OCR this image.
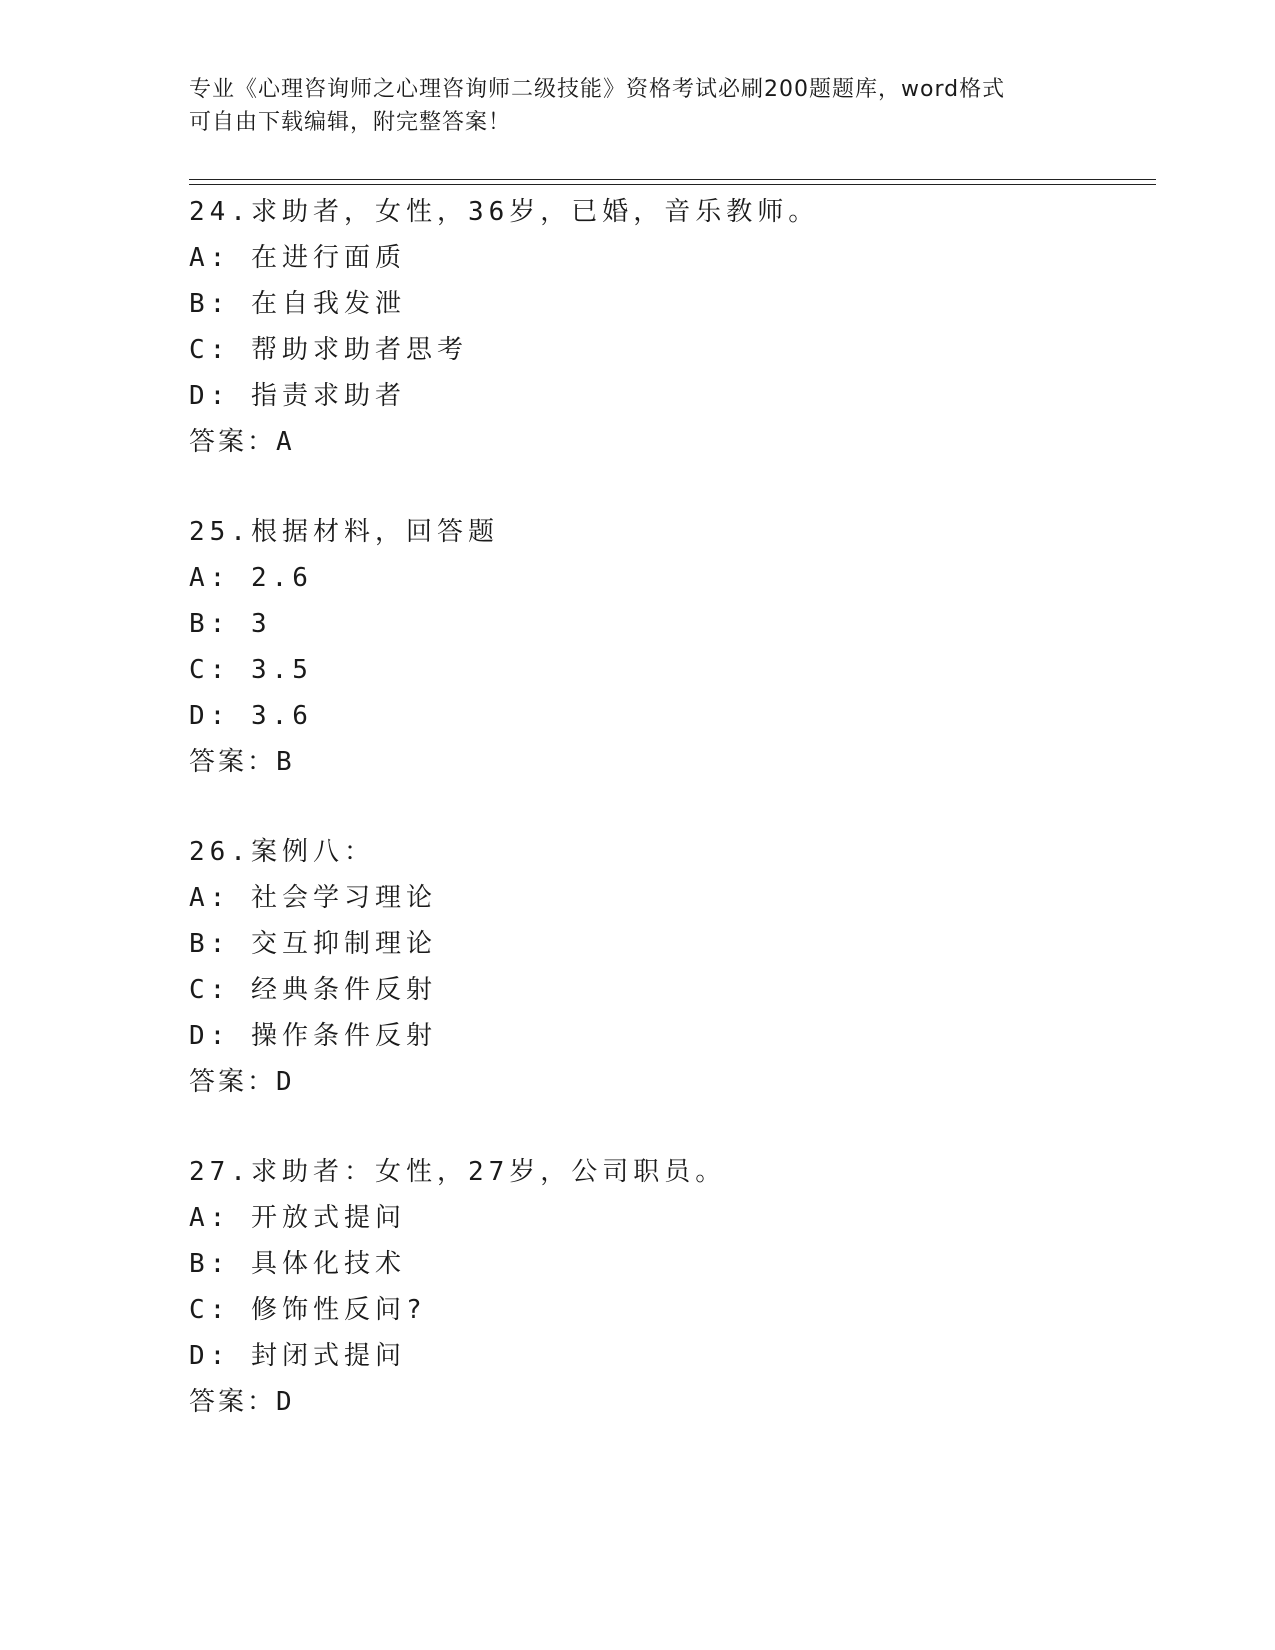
专业《心理咨询师之心理咨询师二级技能》资格考试必刷200题题库，word格式
可自由下载编辑，附完整答案！
24.求助者，女性，36岁，已婚，音乐教师。
A: 在进行面质
B: 在自我发泄
C: 帮助求助者思考
D: 指责求助者
答案：A
25.根据材料，回答题
A: 2.6
B: 3
C: 3.5
D: 3.6
答案：B
26.案例八：
A: 社会学习理论
B: 交互抑制理论
C: 经典条件反射
D: 操作条件反射
答案：D
27.求助者：女性，27岁，公司职员。
A: 开放式提问
B: 具体化技术
C: 修饰性反问?
D: 封闭式提问
答案：D
